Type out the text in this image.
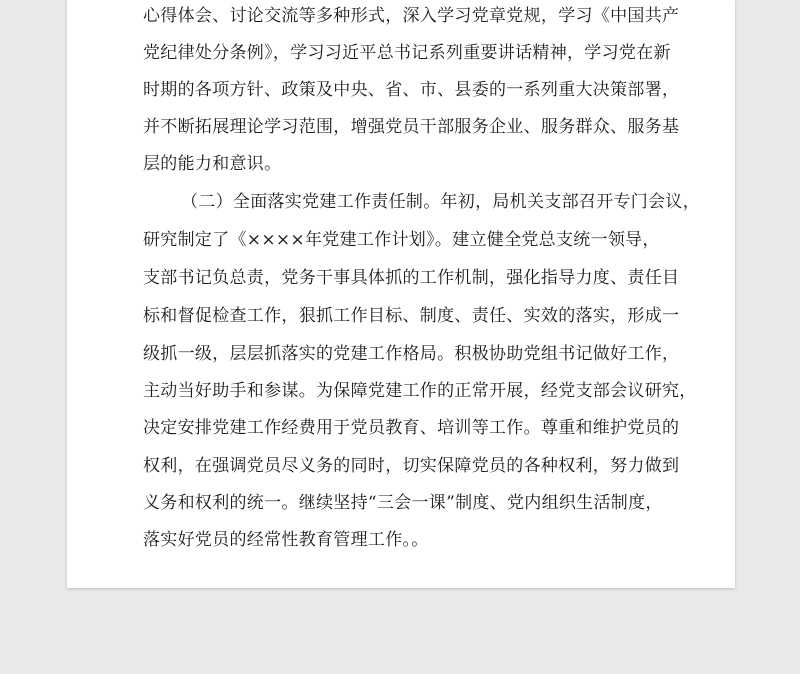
心得体会、讨论交流等多种形式，深入学习党章党规，学习《中国共产
党纪律处分条例》，学习习近平总书记系列重要讲话精神，学习党在新
时期的各项方针、政策及中央、省、市、县委的一系列重大决策部署，
并不断拓展理论学习范围，增强党员干部服务企业、服务群众、服务基
层的能力和意识。
（二）全面落实党建工作责任制。年初，局机关支部召开专门会议，
研究制定了《××××年党建工作计划》。建立健全党总支统一领导，
支部书记负总责，党务干事具体抓的工作机制，强化指导力度、责任目
标和督促检查工作，狠抓工作目标、制度、责任、实效的落实，形成一
级抓一级，层层抓落实的党建工作格局。积极协助党组书记做好工作，
主动当好助手和参谋。为保障党建工作的正常开展，经党支部会议研究，
决定安排党建工作经费用于党员教育、培训等工作。尊重和维护党员的
权利，在强调党员尽义务的同时，切实保障党员的各种权利，努力做到
义务和权利的统一。继续坚持“三会一课”制度、党内组织生活制度，
落实好党员的经常性教育管理工作。。
